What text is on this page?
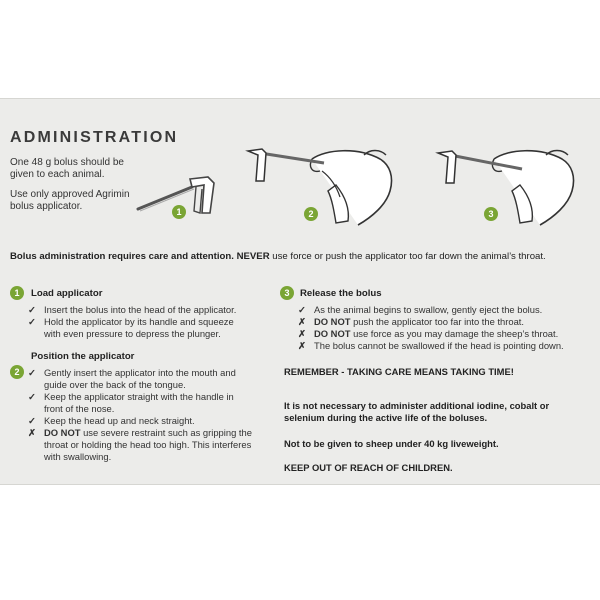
ADMINISTRATION
One 48 g bolus should be given to each animal.
Use only approved Agrimin bolus applicator.	1	2	3
Bolus administration requires care and attention. NEVER use force or push the applicator too far down the animal’s throat.
1	Load applicator
✓ Insert the bolus into the head of the applicator.
✓ Hold the applicator by its handle and squeeze with even pressure to depress the plunger.
Position the applicator
2 ✓ Gently insert the applicator into the mouth and guide over the back of the tongue.
✓ Keep the applicator straight with the handle in front of the nose.
✓ Keep the head up and neck straight.
✗ DO NOT use severe restraint such as gripping the throat or holding the head too high. This interferes with swallowing.
3	Release the bolus
✓ As the animal begins to swallow, gently eject the bolus.
✗ DO NOT push the applicator too far into the throat.
✗ DO NOT use force as you may damage the sheep’s throat.
✗ The bolus cannot be swallowed if the head is pointing down.
REMEMBER - TAKING CARE MEANS TAKING TIME!
It is not necessary to administer additional iodine, cobalt or selenium during the active life of the boluses.
Not to be given to sheep under 40 kg liveweight.
KEEP OUT OF REACH OF CHILDREN.
